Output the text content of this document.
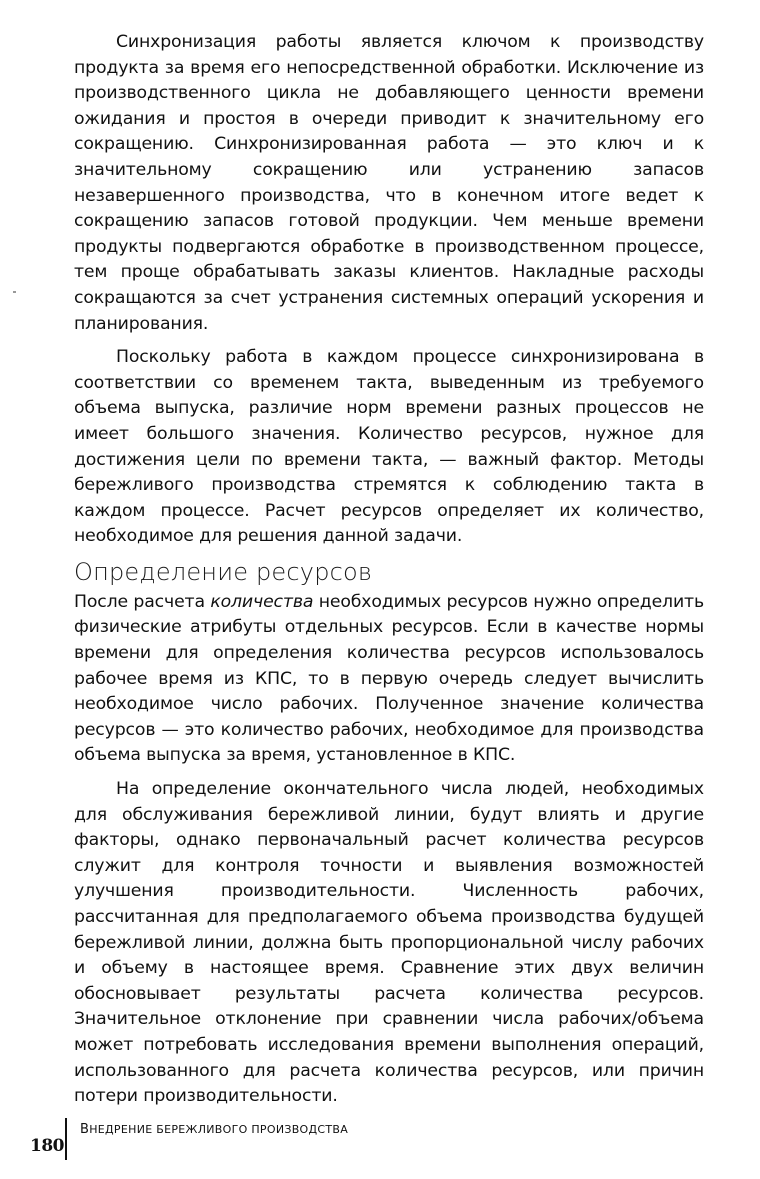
Синхронизация работы является ключом к производству продукта за время его непосредственной обработки. Исключение из производственного цикла не добавляющего ценности времени ожидания и простоя в очереди приводит к значительному его сокращению. Синхронизированная работа — это ключ и к значительному сокращению или устранению запасов незавершенного производства, что в конечном итоге ведет к сокращению запасов готовой продукции. Чем меньше времени продукты подвергаются обработке в производственном процессе, тем проще обрабатывать заказы клиентов. Накладные расходы сокращаются за счет устранения системных операций ускорения и планирования.

Поскольку работа в каждом процессе синхронизирована в соответствии со временем такта, выведенным из требуемого объема выпуска, различие норм времени разных процессов не имеет большого значения. Количество ресурсов, нужное для достижения цели по времени такта, — важный фактор. Методы бережливого производства стремятся к соблюдению такта в каждом процессе. Расчет ресурсов определяет их количество, необходимое для решения данной задачи.

Определение ресурсов

После расчета количества необходимых ресурсов нужно определить физические атрибуты отдельных ресурсов. Если в качестве нормы времени для определения количества ресурсов использовалось рабочее время из КПС, то в первую очередь следует вычислить необходимое число рабочих. Полученное значение количества ресурсов — это количество рабочих, необходимое для производства объема выпуска за время, установленное в КПС.

На определение окончательного числа людей, необходимых для обслуживания бережливой линии, будут влиять и другие факторы, однако первоначальный расчет количества ресурсов служит для контроля точности и выявления возможностей улучшения производительности. Численность рабочих, рассчитанная для предполагаемого объема производства будущей бережливой линии, должна быть пропорциональной числу рабочих и объему в настоящее время. Сравнение этих двух величин обосновывает результаты расчета количества ресурсов. Значительное отклонение при сравнении числа рабочих/объема может потребовать исследования времени выполнения операций, использованного для расчета количества ресурсов, или причин потери производительности.

180
ВНЕДРЕНИЕ БЕРЕЖЛИВОГО ПРОИЗВОДСТВА
